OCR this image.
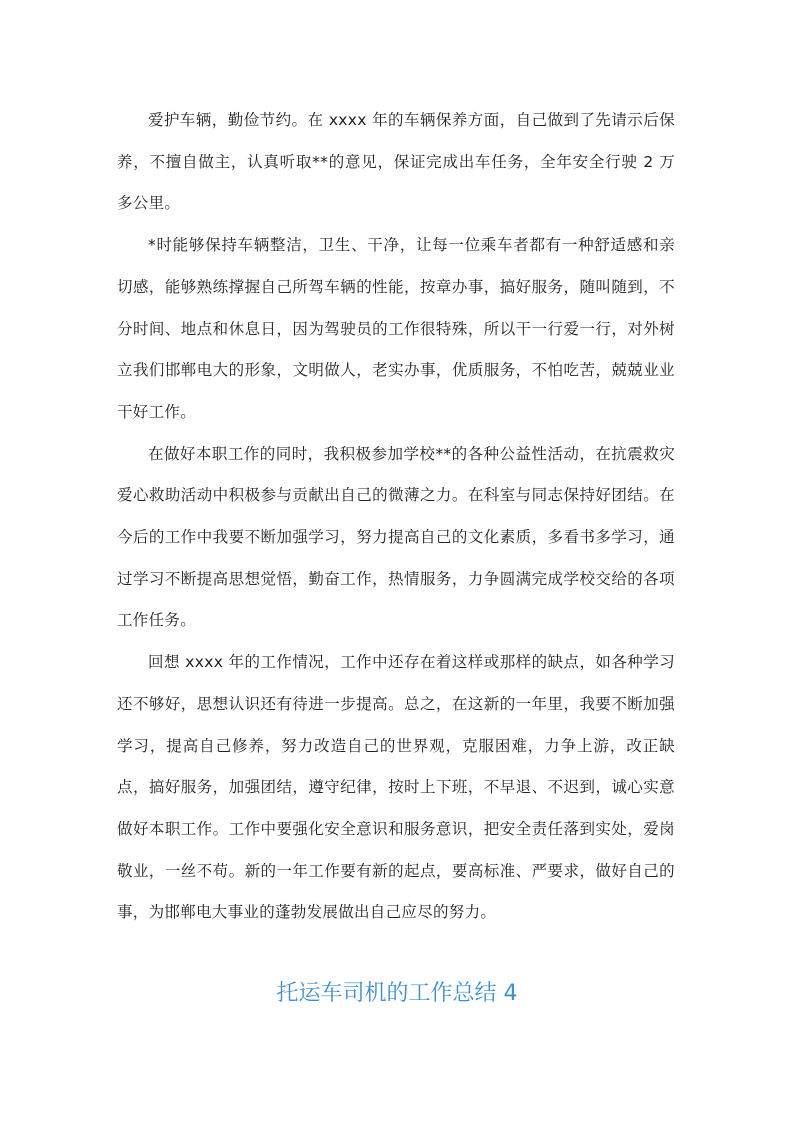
爱护车辆，勤俭节约。在 xxxx 年的车辆保养方面，自己做到了先请示后保养，不擅自做主，认真听取**的意见，保证完成出车任务，全年安全行驶 2 万多公里。

*时能够保持车辆整洁，卫生、干净，让每一位乘车者都有一种舒适感和亲切感，能够熟练撑握自己所驾车辆的性能，按章办事，搞好服务，随叫随到，不分时间、地点和休息日，因为驾驶员的工作很特殊，所以干一行爱一行，对外树立我们邯郸电大的形象，文明做人，老实办事，优质服务，不怕吃苦，兢兢业业干好工作。

在做好本职工作的同时，我积极参加学校**的各种公益性活动，在抗震救灾爱心救助活动中积极参与贡献出自己的微薄之力。在科室与同志保持好团结。在今后的工作中我要不断加强学习，努力提高自己的文化素质，多看书多学习，通过学习不断提高思想觉悟，勤奋工作，热情服务，力争圆满完成学校交给的各项工作任务。

回想 xxxx 年的工作情况，工作中还存在着这样或那样的缺点，如各种学习还不够好，思想认识还有待进一步提高。总之，在这新的一年里，我要不断加强学习，提高自己修养，努力改造自己的世界观，克服困难，力争上游，改正缺点，搞好服务，加强团结，遵守纪律，按时上下班，不早退、不迟到，诚心实意做好本职工作。工作中要强化安全意识和服务意识，把安全责任落到实处，爱岗敬业，一丝不苟。新的一年工作要有新的起点，要高标准、严要求，做好自己的事，为邯郸电大事业的蓬勃发展做出自己应尽的努力。

托运车司机的工作总结 4
